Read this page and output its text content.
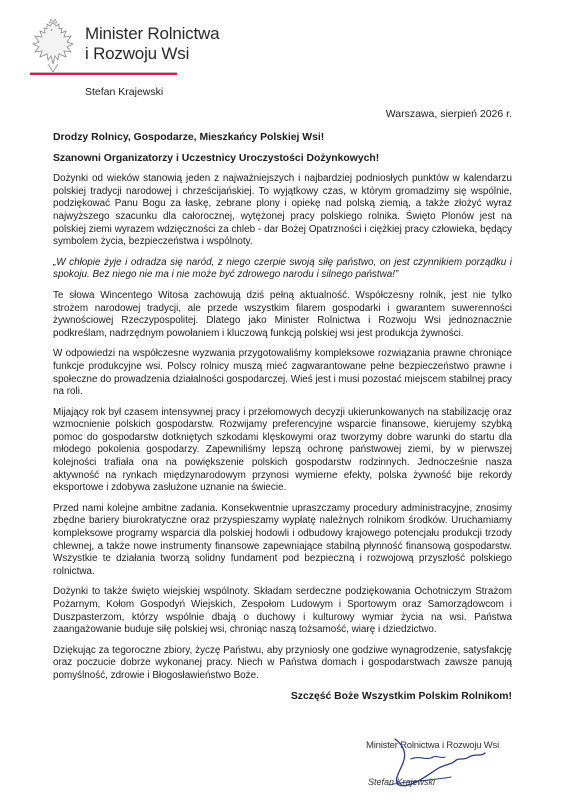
Minister Rolnictwa
i Rozwoju Wsi
Stefan Krajewski
Warszawa, sierpień 2026 r.

Drodzy Rolnicy, Gospodarze, Mieszkańcy Polskiej Wsi!

Szanowni Organizatorzy i Uczestnicy Uroczystości Dożynkowych!

Dożynki od wieków stanowią jeden z najważniejszych i najbardziej podniosłych punktów w kalendarzu polskiej tradycji narodowej i chrześcijańskiej. To wyjątkowy czas, w którym gromadzimy się wspólnie, podziękować Panu Bogu za łaskę, zebrane plony i opiekę nad polską ziemią, a także złożyć wyraz najwyższego szacunku dla całorocznej, wytężonej pracy polskiego rolnika. Święto Plonów jest na polskiej ziemi wyrazem wdzięczności za chleb - dar Bożej Opatrzności i ciężkiej pracy człowieka, będący symbolem życia, bezpieczeństwa i wspólnoty.

„W chłopie żyje i odradza się naród, z niego czerpie swoją siłę państwo, on jest czynnikiem porządku i spokoju. Bez niego nie ma i nie może być zdrowego narodu i silnego państwa!”

Te słowa Wincentego Witosa zachowują dziś pełną aktualność. Współczesny rolnik, jest nie tylko strożem narodowej tradycji, ale przede wszystkim filarem gospodarki i gwarantem suwerenności żywnościowej Rzeczypospolitej. Dlatego jako Minister Rolnictwa i Rozwoju Wsi jednoznacznie podkreślam, nadrzędnym powołaniem i kluczową funkcją polskiej wsi jest produkcja żywności.

W odpowiedzi na współczesne wyzwania przygotowaliśmy kompleksowe rozwiązania prawne chroniące funkcje produkcyjne wsi. Polscy rolnicy muszą mieć zagwarantowane pełne bezpieczeństwo prawne i społeczne do prowadzenia działalności gospodarczej. Wieś jest i musi pozostać miejscem stabilnej pracy na roli.

Mijający rok był czasem intensywnej pracy i przełomowych decyzji ukierunkowanych na stabilizację oraz wzmocnienie polskich gospodarstw. Rozwijamy preferencyjne wsparcie finansowe, kierujemy szybką pomoc do gospodarstw dotkniętych szkodami klęskowymi oraz tworzymy dobre warunki do startu dla młodego pokolenia gospodarzy. Zapewniliśmy lepszą ochronę państwowej ziemi, by w pierwszej kolejności trafiała ona na powiększenie polskich gospodarstw rodzinnych. Jednocześnie nasza aktywność na rynkach międzynarodowym przynosi wymierne efekty, polska żywność bije rekordy eksportowe i zdobywa zasłużone uznanie na świecie.

Przed nami kolejne ambitne zadania. Konsekwentnie upraszczamy procedury administracyjne, znosimy zbędne bariery biurokratyczne oraz przyspieszamy wypłatę należnych rolnikom środków. Uruchamiamy kompleksowe programy wsparcia dla polskiej hodowli i odbudowy krajowego potencjału produkcji trzody chlewnej, a także nowe instrumenty finansowe zapewniające stabilną płynność finansową gospodarstw. Wszystkie te działania tworzą solidny fundament pod bezpieczną i rozwojową przyszłość polskiego rolnictwa.

Dożynki to także święto wiejskiej wspólnoty. Składam serdeczne podziękowania Ochotniczym Strażom Pożarnym, Kołom Gospodyń Wiejskich, Zespołom Ludowym i Sportowym oraz Samorządowcom i Duszpasterzom, którzy wspólnie dbają o duchowy i kulturowy wymiar życia na wsi. Państwa zaangażowanie buduje siłę polskiej wsi, chroniąc naszą tożsamość, wiarę i dziedzictwo.

Dziękując za tegoroczne zbiory, życzę Państwu, aby przyniosły one godziwe wynagrodzenie, satysfakcję oraz poczucie dobrze wykonanej pracy. Niech w Państwa domach i gospodarstwach zawsze panują pomyślność, zdrowie i Błogosławieństwo Boże.

Szczęść Boże Wszystkim Polskim Rolnikom!

Minister Rolnictwa i Rozwoju Wsi
Stefan Krajewski
